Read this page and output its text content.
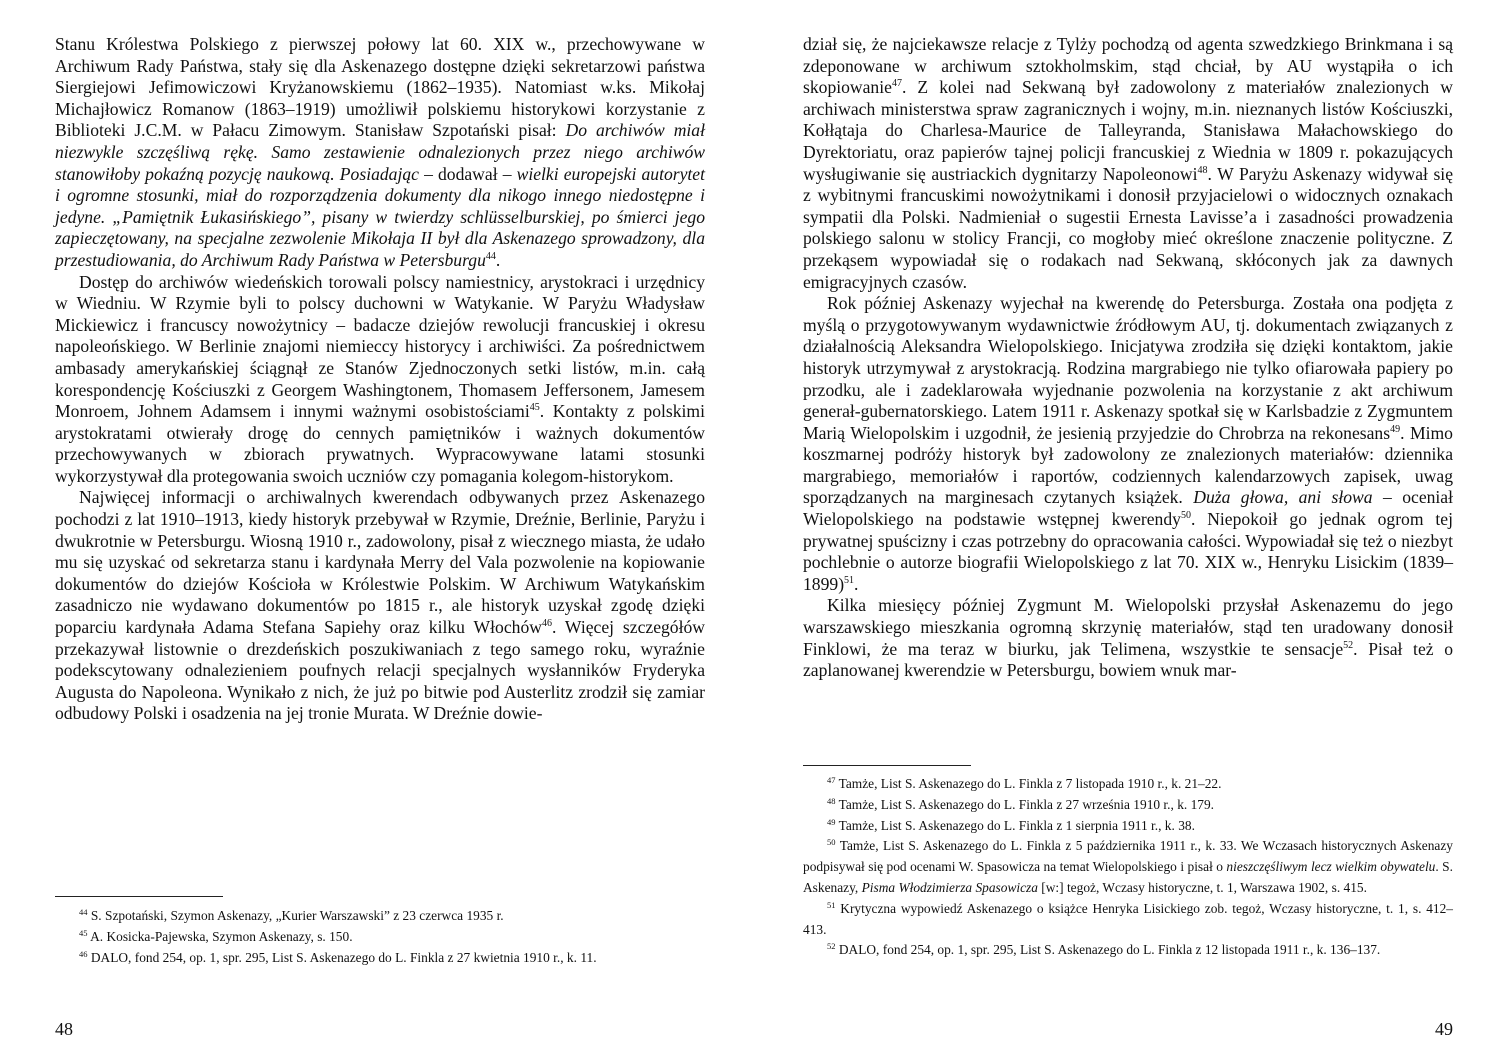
Stanu Królestwa Polskiego z pierwszej połowy lat 60. XIX w., przechowywane w Archiwum Rady Państwa, stały się dla Askenazego dostępne dzięki sekretarzowi państwa Siergiejowi Jefimowiczowi Kryżanowskiemu (1862–1935). Natomiast w.ks. Mikołaj Michajłowicz Romanow (1863–1919) umożliwił polskiemu historykowi korzystanie z Biblioteki J.C.M. w Pałacu Zimowym. Stanisław Szpotański pisał: Do archiwów miał niezwykle szczęśliwą rękę. Samo zestawienie odnalezionych przez niego archiwów stanowiłoby pokaźną pozycję naukową. Posiadając – dodawał – wielki europejski autorytet i ogromne stosunki, miał do rozporządzenia dokumenty dla nikogo innego niedostępne i jedyne. „Pamiętnik Łukasińskiego”, pisany w twierdzy schlüsselburskiej, po śmierci jego zapieczętowany, na specjalne zezwolenie Mikołaja II był dla Askenazego sprowadzony, dla przestudiowania, do Archiwum Rady Państwa w Petersburgu$^{44}$.

Dostęp do archiwów wiedeńskich torowali polscy namiestnicy, arystokraci i urzędnicy w Wiedniu. W Rzymie byli to polscy duchowni w Watykanie. W Paryżu Władysław Mickiewicz i francuscy nowożytnicy – badacze dziejów rewolucji francuskiej i okresu napoleońskiego. W Berlinie znajomi niemieccy historycy i archiwiści. Za pośrednictwem ambasady amerykańskiej ściągnął ze Stanów Zjednoczonych setki listów, m.in. całą korespondencję Kościuszki z Georgem Washingtonem, Thomasem Jeffersonem, Jamesem Monroem, Johnem Adamsem i innymi ważnymi osobistościami$^{45}$. Kontakty z polskimi arystokratami otwierały drogę do cennych pamiętników i ważnych dokumentów przechowywanych w zbiorach prywatnych. Wypracowywane latami stosunki wykorzystywał dla protegowania swoich uczniów czy pomagania kolegom-historykom.

Najwięcej informacji o archiwalnych kwerendach odbywanych przez Askenazego pochodzi z lat 1910–1913, kiedy historyk przebywał w Rzymie, Dreźnie, Berlinie, Paryżu i dwukrotnie w Petersburgu. Wiosną 1910 r., zadowolony, pisał z wiecznego miasta, że udało mu się uzyskać od sekretarza stanu i kardynała Merry del Vala pozwolenie na kopiowanie dokumentów do dziejów Kościoła w Królestwie Polskim. W Archiwum Watykańskim zasadniczo nie wydawano dokumentów po 1815 r., ale historyk uzyskał zgodę dzięki poparciu kardynała Adama Stefana Sapiehy oraz kilku Włochów$^{46}$. Więcej szczegółów przekazywał listownie o drezdeńskich poszukiwaniach z tego samego roku, wyraźnie podekscytowany odnalezieniem poufnych relacji specjalnych wysłanników Fryderyka Augusta do Napoleona. Wynikało z nich, że już po bitwie pod Austerlitz zrodził się zamiar odbudowy Polski i osadzenia na jej tronie Murata. W Dreźnie dowie-

$^{44}$ S. Szpotański, Szymon Askenazy, „Kurier Warszawski” z 23 czerwca 1935 r.

$^{45}$ A. Kosicka-Pajewska, Szymon Askenazy, s. 150.

$^{46}$ DALO, fond 254, op. 1, spr. 295, List S. Askenazego do L. Finkla z 27 kwietnia 1910 r., k. 11.

48

dział się, że najciekawsze relacje z Tylży pochodzą od agenta szwedzkiego Brinkmana i są zdeponowane w archiwum sztokholmskim, stąd chciał, by AU wystąpiła o ich skopiowanie$^{47}$. Z kolei nad Sekwaną był zadowolony z materiałów znalezionych w archiwach ministerstwa spraw zagranicznych i wojny, m.in. nieznanych listów Kościuszki, Kołłątaja do Charlesa-Maurice de Talleyranda, Stanisława Małachowskiego do Dyrektoriatu, oraz papierów tajnej policji francuskiej z Wiednia w 1809 r. pokazujących wysługiwanie się austriackich dygnitarzy Napoleonowi$^{48}$. W Paryżu Askenazy widywał się z wybitnymi francuskimi nowożytnikami i donosił przyjacielowi o widocznych oznakach sympatii dla Polski. Nadmieniał o sugestii Ernesta Lavisse’a i zasadności prowadzenia polskiego salonu w stolicy Francji, co mogłoby mieć określone znaczenie polityczne. Z przekąsem wypowiadał się o rodakach nad Sekwaną, skłóconych jak za dawnych emigracyjnych czasów.

Rok później Askenazy wyjechał na kwerendę do Petersburga. Została ona podjęta z myślą o przygotowywanym wydawnictwie źródłowym AU, tj. dokumentach związanych z działalnością Aleksandra Wielopolskiego. Inicjatywa zrodziła się dzięki kontaktom, jakie historyk utrzymywał z arystokracją. Rodzina margrabiego nie tylko ofiarowała papiery po przodku, ale i zadeklarowała wyjednanie pozwolenia na korzystanie z akt archiwum generał-gubernatorskiego. Latem 1911 r. Askenazy spotkał się w Karlsbadzie z Zygmuntem Marią Wielopolskim i uzgodnił, że jesienią przyjedzie do Chrobrza na rekonesans$^{49}$. Mimo koszmarnej podróży historyk był zadowolony ze znalezionych materiałów: dziennika margrabiego, memoriałów i raportów, codziennych kalendarzowych zapisek, uwag sporządzanych na marginesach czytanych książek. Duża głowa, ani słowa – oceniał Wielopolskiego na podstawie wstępnej kwerendy$^{50}$. Niepokoił go jednak ogrom tej prywatnej spuścizny i czas potrzebny do opracowania całości. Wypowiadał się też o niezbyt pochlebnie o autorze biografii Wielopolskiego z lat 70. XIX w., Henryku Lisickim (1839–1899)$^{51}$.

Kilka miesięcy później Zygmunt M. Wielopolski przysłał Askenazemu do jego warszawskiego mieszkania ogromną skrzynię materiałów, stąd ten uradowany donosił Finklowi, że ma teraz w biurku, jak Telimena, wszystkie te sensacje$^{52}$. Pisał też o zaplanowanej kwerendzie w Petersburgu, bowiem wnuk mar-

$^{47}$ Tamże, List S. Askenazego do L. Finkla z 7 listopada 1910 r., k. 21–22.

$^{48}$ Tamże, List S. Askenazego do L. Finkla z 27 września 1910 r., k. 179.

$^{49}$ Tamże, List S. Askenazego do L. Finkla z 1 sierpnia 1911 r., k. 38.

$^{50}$ Tamże, List S. Askenazego do L. Finkla z 5 października 1911 r., k. 33. We Wczasach historycznych Askenazy podpisywał się pod ocenami W. Spasowicza na temat Wielopolskiego i pisał o nieszczęśliwym lecz wielkim obywatelu. S. Askenazy, Pisma Włodzimierza Spasowicza [w:] tegoż, Wczasy historyczne, t. 1, Warszawa 1902, s. 415.

$^{51}$ Krytyczna wypowiedź Askenazego o książce Henryka Lisickiego zob. tegoż, Wczasy historyczne, t. 1, s. 412–413.

$^{52}$ DALO, fond 254, op. 1, spr. 295, List S. Askenazego do L. Finkla z 12 listopada 1911 r., k. 136–137.

49
